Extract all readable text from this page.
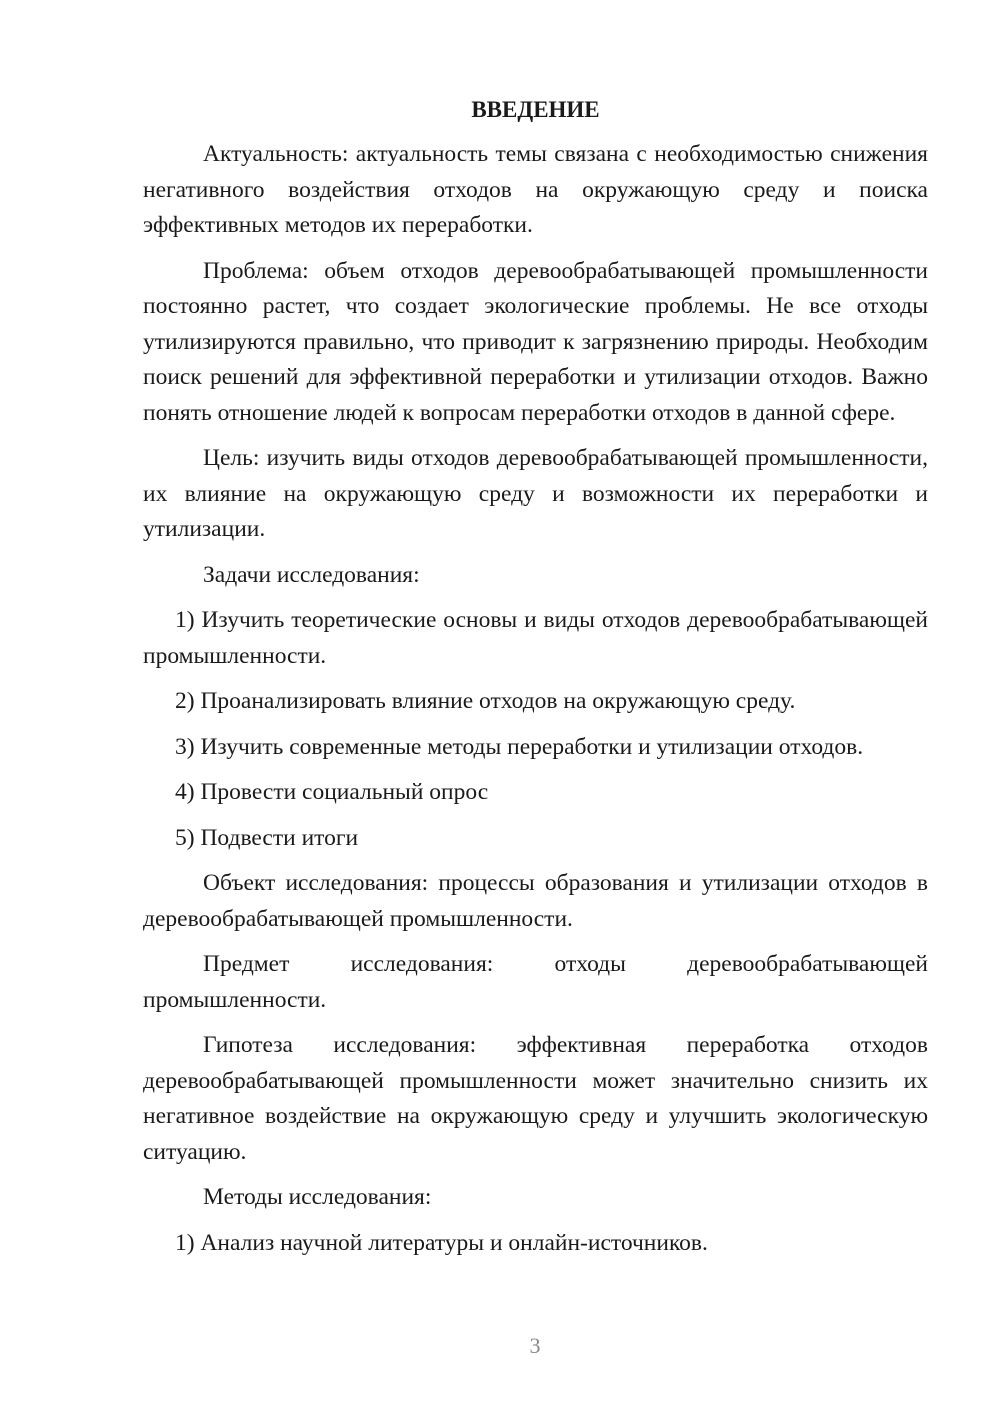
ВВЕДЕНИЕ

Актуальность: актуальность темы связана с необходимостью снижения негативного воздействия отходов на окружающую среду и поиска эффективных методов их переработки.

Проблема: объем отходов деревообрабатывающей промышленности постоянно растет, что создает экологические проблемы. Не все отходы утилизируются правильно, что приводит к загрязнению природы. Необходим поиск решений для эффективной переработки и утилизации отходов. Важно понять отношение людей к вопросам переработки отходов в данной сфере.

Цель: изучить виды отходов деревообрабатывающей промышленности, их влияние на окружающую среду и возможности их переработки и утилизации.

Задачи исследования:

1) Изучить теоретические основы и виды отходов деревообрабатывающей промышленности.

2) Проанализировать влияние отходов на окружающую среду.

3) Изучить современные методы переработки и утилизации отходов.

4) Провести социальный опрос

5) Подвести итоги

Объект исследования: процессы образования и утилизации отходов в деревообрабатывающей промышленности.

Предмет исследования: отходы деревообрабатывающей промышленности.

Гипотеза исследования: эффективная переработка отходов деревообрабатывающей промышленности может значительно снизить их негативное воздействие на окружающую среду и улучшить экологическую ситуацию.

Методы исследования:

1) Анализ научной литературы и онлайн-источников.

3
